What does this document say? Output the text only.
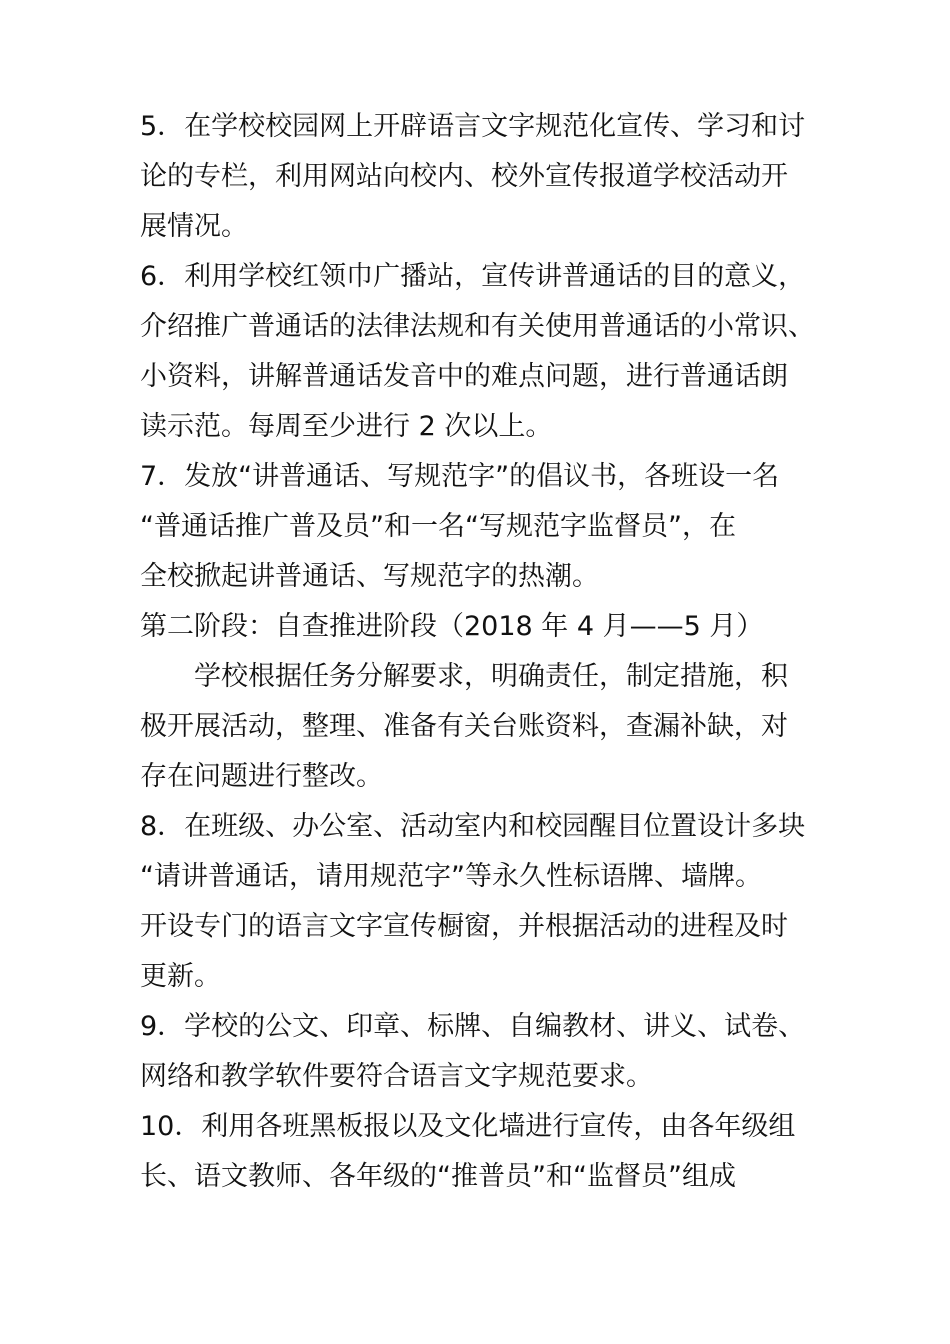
5．在学校校园网上开辟语言文字规范化宣传、学习和讨
论的专栏，利用网站向校内、校外宣传报道学校活动开
展情况。
6．利用学校红领巾广播站，宣传讲普通话的目的意义，
介绍推广普通话的法律法规和有关使用普通话的小常识、
小资料，讲解普通话发音中的难点问题，进行普通话朗
读示范。每周至少进行 2 次以上。
7．发放“讲普通话、写规范字”的倡议书，各班设一名
“普通话推广普及员”和一名“写规范字监督员”，在
全校掀起讲普通话、写规范字的热潮。
第二阶段：自查推进阶段（2018 年 4 月——5 月）
学校根据任务分解要求，明确责任，制定措施，积
极开展活动，整理、准备有关台账资料，查漏补缺，对
存在问题进行整改。
8．在班级、办公室、活动室内和校园醒目位置设计多块
“请讲普通话，请用规范字”等永久性标语牌、墙牌。
开设专门的语言文字宣传橱窗，并根据活动的进程及时
更新。
9．学校的公文、印章、标牌、自编教材、讲义、试卷、
网络和教学软件要符合语言文字规范要求。
10．利用各班黑板报以及文化墙进行宣传，由各年级组
长、语文教师、各年级的“推普员”和“监督员”组成
